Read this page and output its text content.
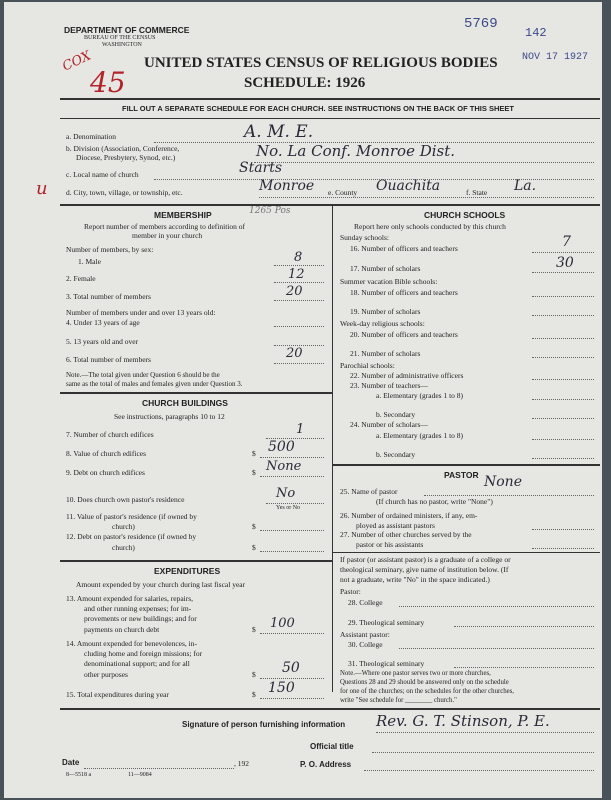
DEPARTMENT OF COMMERCE
BUREAU OF THE CENSUS
WASHINGTON
5769
142
NOV 17 1927
COX
45
UNITED STATES CENSUS OF RELIGIOUS BODIES
SCHEDULE: 1926
FILL OUT A SEPARATE SCHEDULE FOR EACH CHURCH. SEE INSTRUCTIONS ON THE BACK OF THIS SHEET
a. Denomination	A. M. E.
b. Division (Association, Conference,
Diocese, Presbytery, Synod, etc.)	No. La Conf. Monroe Dist.
c. Local name of church	Starts
u d. City, town, village, or township, etc.	Monroe e. County Ouachita	f. State La.
MEMBERSHIP	1265 Pos
Report number of members according to definition of
member in your church
Number of members, by sex:
1. Male	8
2. Female	12
3. Total number of members	20
Number of members under and over 13 years old:
4. Under 13 years of age
5. 13 years old and over
6. Total number of members	20
Note.—The total given under Question 6 should be the
same as the total of males and females given under Question 3.
CHURCH BUILDINGS
See instructions, paragraphs 10 to 12
7. Number of church edifices	1
8. Value of church edifices	$ 500
9. Debt on church edifices	$ None
10. Does church own pastor's residence	No
Yes or No
11. Value of pastor's residence (if owned by
church)	$
12. Debt on pastor's residence (if owned by
church)	$
EXPENDITURES
Amount expended by your church during last fiscal year
13. Amount expended for salaries, repairs,
and other running expenses; for im-
provements or new buildings; and for
payments on church debt	$ 100
14. Amount expended for benevolences, in-
cluding home and foreign missions; for
denominational support; and for all
other purposes	$ 50
15. Total expenditures during year	$ 150
CHURCH SCHOOLS
Report here only schools conducted by this church
Sunday schools:
16. Number of officers and teachers	7
17. Number of scholars	30
Summer vacation Bible schools:
18. Number of officers and teachers
19. Number of scholars
Week-day religious schools:
20. Number of officers and teachers
21. Number of scholars
Parochial schools:
22. Number of administrative officers
23. Number of teachers—
a. Elementary (grades 1 to 8)
b. Secondary
24. Number of scholars—
a. Elementary (grades 1 to 8)
b. Secondary
PASTOR
25. Name of pastor
None
(If church has no pastor, write "None")
26. Number of ordained ministers, if any, em-
ployed as assistant pastors
27. Number of other churches served by the
pastor or his assistants
If pastor (or assistant pastor) is a graduate of a college or
theological seminary, give name of institution below. (If
not a graduate, write "No" in the space indicated.)
Pastor:
28. College
29. Theological seminary
Assistant pastor:
30. College
31. Theological seminary
Note.—Where one pastor serves two or more churches,
Questions 28 and 29 should be answered only on the schedule
for one of the churches; on the schedules for the other churches,
write "See schedule for ________ church."
Signature of person furnishing information Rev. G. T. Stinson, P. E.
Official title
Date	, 192	P. O. Address
8—5518 a	11—9084
